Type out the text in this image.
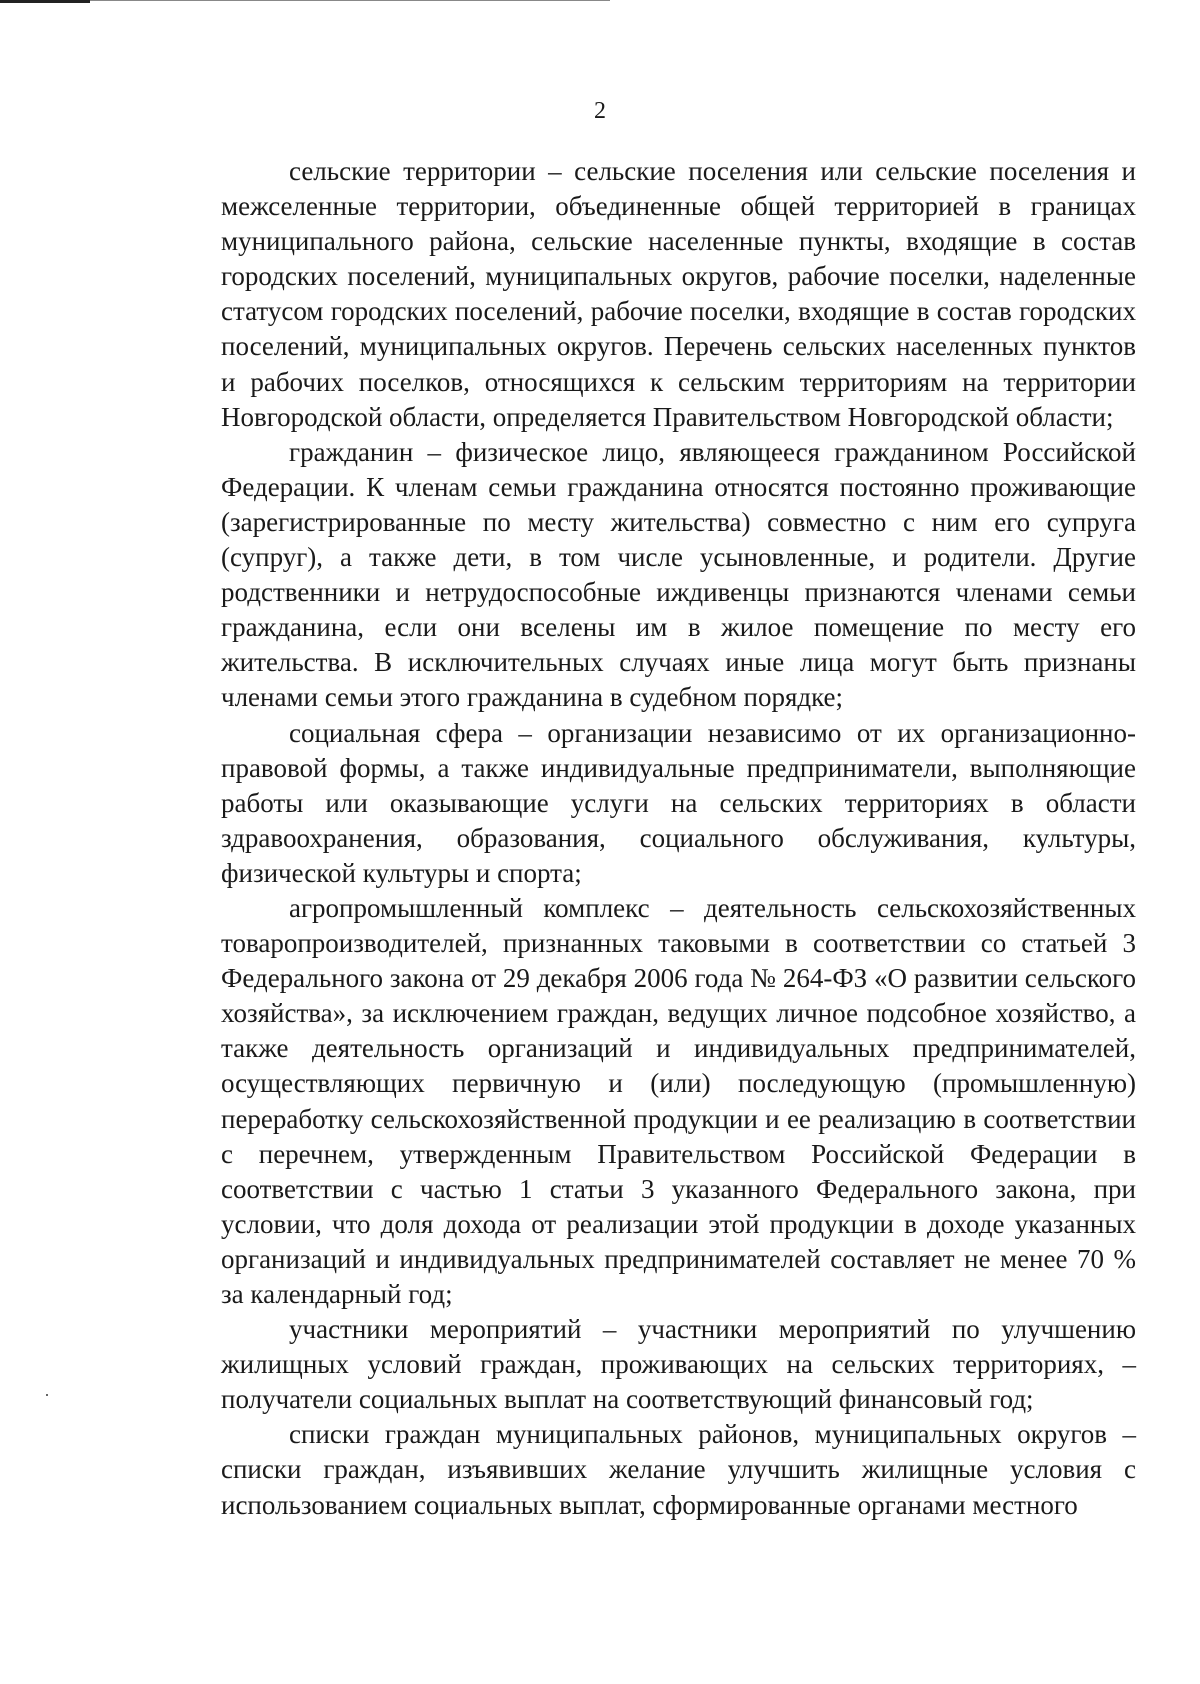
2

сельские территории – сельские поселения или сельские поселения и межселенные территории, объединенные общей территорией в границах муниципального района, сельские населенные пункты, входящие в состав городских поселений, муниципальных округов, рабочие поселки, наделенные статусом городских поселений, рабочие поселки, входящие в состав городских поселений, муниципальных округов. Перечень сельских населенных пунктов и рабочих поселков, относящихся к сельским территориям на территории Новгородской области, определяется Правительством Новгородской области;

гражданин – физическое лицо, являющееся гражданином Российской Федерации. К членам семьи гражданина относятся постоянно проживающие (зарегистрированные по месту жительства) совместно с ним его супруга (супруг), а также дети, в том числе усыновленные, и родители. Другие родственники и нетрудоспособные иждивенцы признаются членами семьи гражданина, если они вселены им в жилое помещение по месту его жительства. В исключительных случаях иные лица могут быть признаны членами семьи этого гражданина в судебном порядке;

социальная сфера – организации независимо от их организационно-правовой формы, а также индивидуальные предприниматели, выполняющие работы или оказывающие услуги на сельских территориях в области здравоохранения, образования, социального обслуживания, культуры, физической культуры и спорта;

агропромышленный комплекс – деятельность сельскохозяйственных товаропроизводителей, признанных таковыми в соответствии со статьей 3 Федерального закона от 29 декабря 2006 года № 264-ФЗ «О развитии сельского хозяйства», за исключением граждан, ведущих личное подсобное хозяйство, а также деятельность организаций и индивидуальных предпринимателей, осуществляющих первичную и (или) последующую (промышленную) переработку сельскохозяйственной продукции и ее реализацию в соответствии с перечнем, утвержденным Правительством Российской Федерации в соответствии с частью 1 статьи 3 указанного Федерального закона, при условии, что доля дохода от реализации этой продукции в доходе указанных организаций и индивидуальных предпринимателей составляет не менее 70 % за календарный год;

участники мероприятий – участники мероприятий по улучшению жилищных условий граждан, проживающих на сельских территориях, – получатели социальных выплат на соответствующий финансовый год;

списки граждан муниципальных районов, муниципальных округов – списки граждан, изъявивших желание улучшить жилищные условия с использованием социальных выплат, сформированные органами местного
